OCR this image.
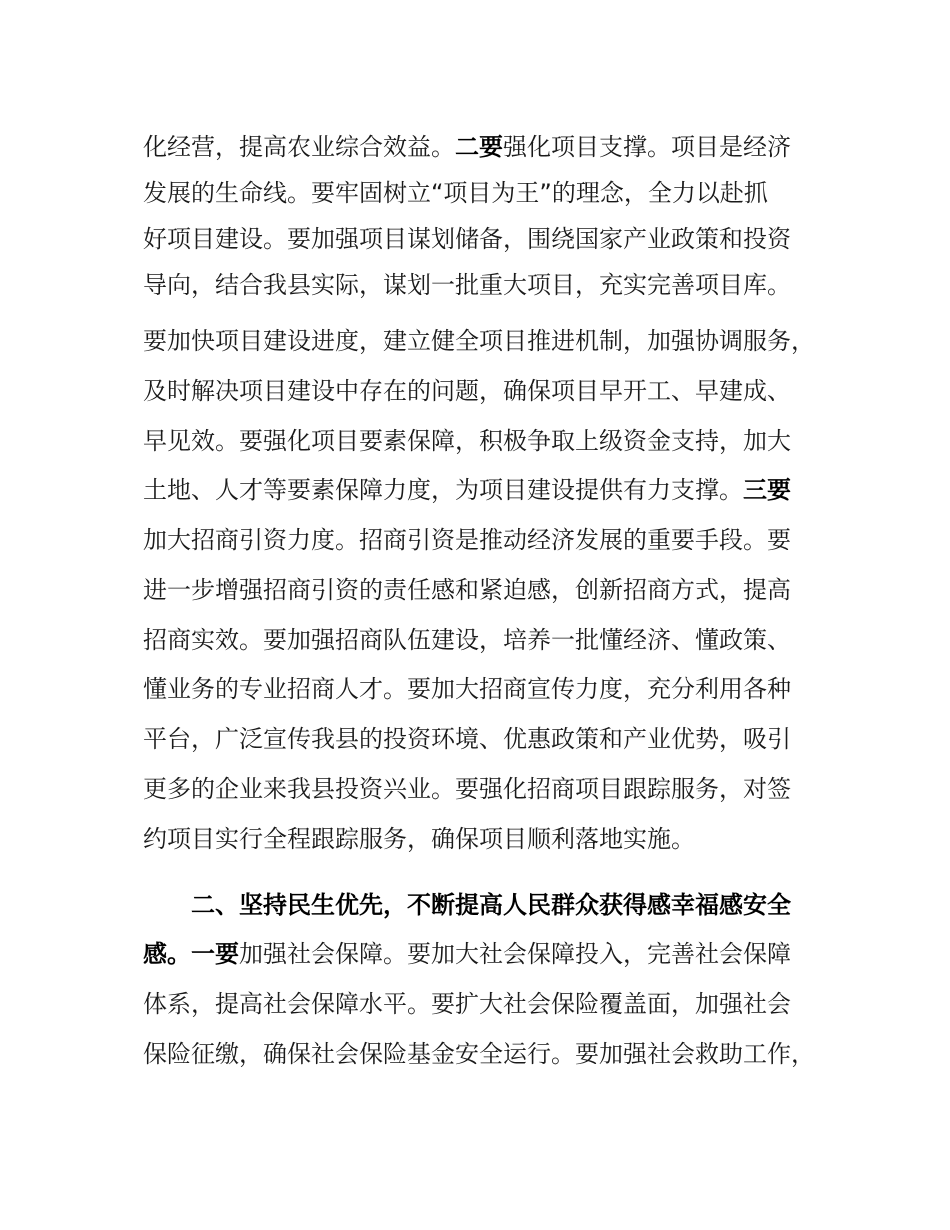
化经营，提高农业综合效益。二要强化项目支撑。项目是经济
发展的生命线。要牢固树立“项目为王”的理念，全力以赴抓
好项目建设。要加强项目谋划储备，围绕国家产业政策和投资
导向，结合我县实际，谋划一批重大项目，充实完善项目库。
要加快项目建设进度，建立健全项目推进机制，加强协调服务，
及时解决项目建设中存在的问题，确保项目早开工、早建成、
早见效。要强化项目要素保障，积极争取上级资金支持，加大
土地、人才等要素保障力度，为项目建设提供有力支撑。三要
加大招商引资力度。招商引资是推动经济发展的重要手段。要
进一步增强招商引资的责任感和紧迫感，创新招商方式，提高
招商实效。要加强招商队伍建设，培养一批懂经济、懂政策、
懂业务的专业招商人才。要加大招商宣传力度，充分利用各种
平台，广泛宣传我县的投资环境、优惠政策和产业优势，吸引
更多的企业来我县投资兴业。要强化招商项目跟踪服务，对签
约项目实行全程跟踪服务，确保项目顺利落地实施。
二、坚持民生优先，不断提高人民群众获得感幸福感安全
感。一要加强社会保障。要加大社会保障投入，完善社会保障
体系，提高社会保障水平。要扩大社会保险覆盖面，加强社会
保险征缴，确保社会保险基金安全运行。要加强社会救助工作，
